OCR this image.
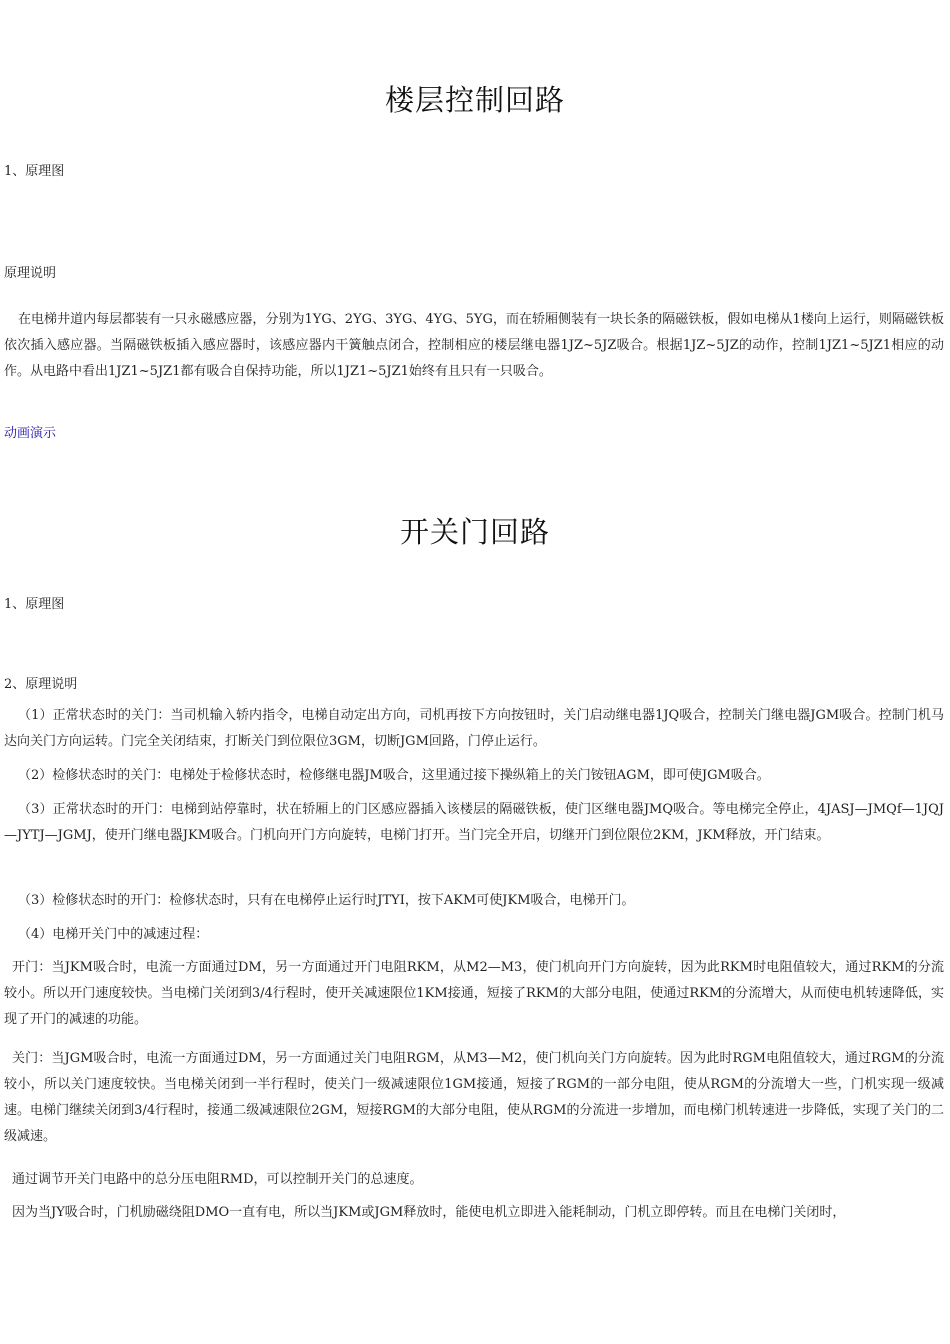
楼层控制回路

1、原理图

原理说明

在电梯井道内每层都装有一只永磁感应器，分别为1YG、2YG、3YG、4YG、5YG，而在轿厢侧装有一块长条的隔磁铁板，假如电梯从1楼向上运行，则隔磁铁板依次插入感应器。当隔磁铁板插入感应器时，该感应器内干簧触点闭合，控制相应的楼层继电器1JZ~5JZ吸合。根据1JZ~5JZ的动作，控制1JZ1~5JZ1相应的动作。从电路中看出1JZ1~5JZ1都有吸合自保持功能，所以1JZ1~5JZ1始终有且只有一只吸合。

动画演示
开关门回路

1、原理图

2、原理说明

（1）正常状态时的关门：当司机输入轿内指令，电梯自动定出方向，司机再按下方向按钮时，关门启动继电器1JQ吸合，控制关门继电器JGM吸合。控制门机马达向关门方向运转。门完全关闭结束，打断关门到位限位3GM，切断JGM回路，门停止运行。

（2）检修状态时的关门：电梯处于检修状态时，检修继电器JM吸合，这里通过接下操纵箱上的关门铵钮AGM，即可使JGM吸合。

（3）正常状态时的开门：电梯到站停靠时，状在轿厢上的门区感应器插入该楼层的隔磁铁板，使门区继电器JMQ吸合。等电梯完全停止，4JASJ—JMQf—1JQJ—JYTJ—JGMJ，使开门继电器JKM吸合。门机向开门方向旋转，电梯门打开。当门完全开启，切继开门到位限位2KM，JKM释放，开门结束。

（3）检修状态时的开门：检修状态时，只有在电梯停止运行时JTYI，按下AKM可使JKM吸合，电梯开门。

（4）电梯开关门中的减速过程：

开门：当JKM吸合时，电流一方面通过DM，另一方面通过开门电阻RKM，从M2—M3，使门机向开门方向旋转，因为此RKM时电阻值较大，通过RKM的分流较小。所以开门速度较快。当电梯门关闭到3/4行程时，使开关减速限位1KM接通，短接了RKM的大部分电阻，使通过RKM的分流增大，从而使电机转速降低，实现了开门的减速的功能。

关门：当JGM吸合时，电流一方面通过DM，另一方面通过关门电阻RGM，从M3—M2，使门机向关门方向旋转。因为此时RGM电阻值较大，通过RGM的分流较小，所以关门速度较快。当电梯关闭到一半行程时，使关门一级减速限位1GM接通，短接了RGM的一部分电阻，使从RGM的分流增大一些，门机实现一级减速。电梯门继续关闭到3/4行程时，接通二级减速限位2GM，短接RGM的大部分电阻，使从RGM的分流进一步增加，而电梯门机转速进一步降低，实现了关门的二级减速。

通过调节开关门电路中的总分压电阻RMD，可以控制开关门的总速度。

因为当JY吸合时，门机励磁绕阻DMO一直有电，所以当JKM或JGM释放时，能使电机立即进入能耗制动，门机立即停转。而且在电梯门关闭时，
